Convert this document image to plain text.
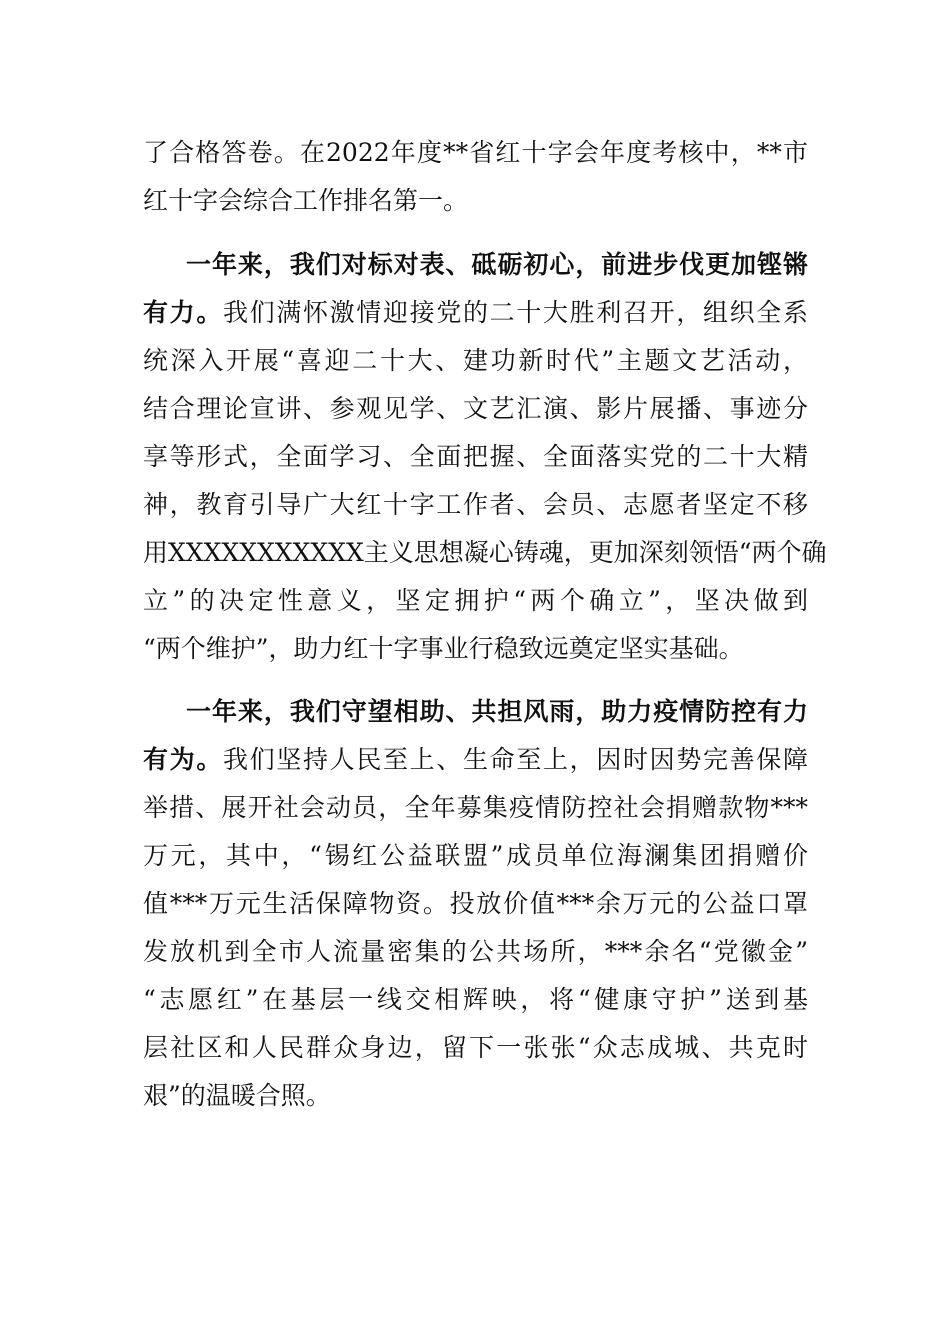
了合格答卷。在2022年度**省红十字会年度考核中，**市
红十字会综合工作排名第一。
一年来，我们对标对表、砥砺初心，前进步伐更加铿锵
有力。我们满怀激情迎接党的二十大胜利召开，组织全系
统深入开展“喜迎二十大、建功新时代”主题文艺活动，
结合理论宣讲、参观见学、文艺汇演、影片展播、事迹分
享等形式，全面学习、全面把握、全面落实党的二十大精
神，教育引导广大红十字工作者、会员、志愿者坚定不移
用XXXXXXXXXXX主义思想凝心铸魂，更加深刻领悟“两个确
立”的决定性意义，坚定拥护“两个确立”，坚决做到
“两个维护”，助力红十字事业行稳致远奠定坚实基础。
一年来，我们守望相助、共担风雨，助力疫情防控有力
有为。我们坚持人民至上、生命至上，因时因势完善保障
举措、展开社会动员，全年募集疫情防控社会捐赠款物***
万元，其中，“锡红公益联盟”成员单位海澜集团捐赠价
值***万元生活保障物资。投放价值***余万元的公益口罩
发放机到全市人流量密集的公共场所，***余名“党徽金”
“志愿红”在基层一线交相辉映，将“健康守护”送到基
层社区和人民群众身边，留下一张张“众志成城、共克时
艰”的温暖合照。
